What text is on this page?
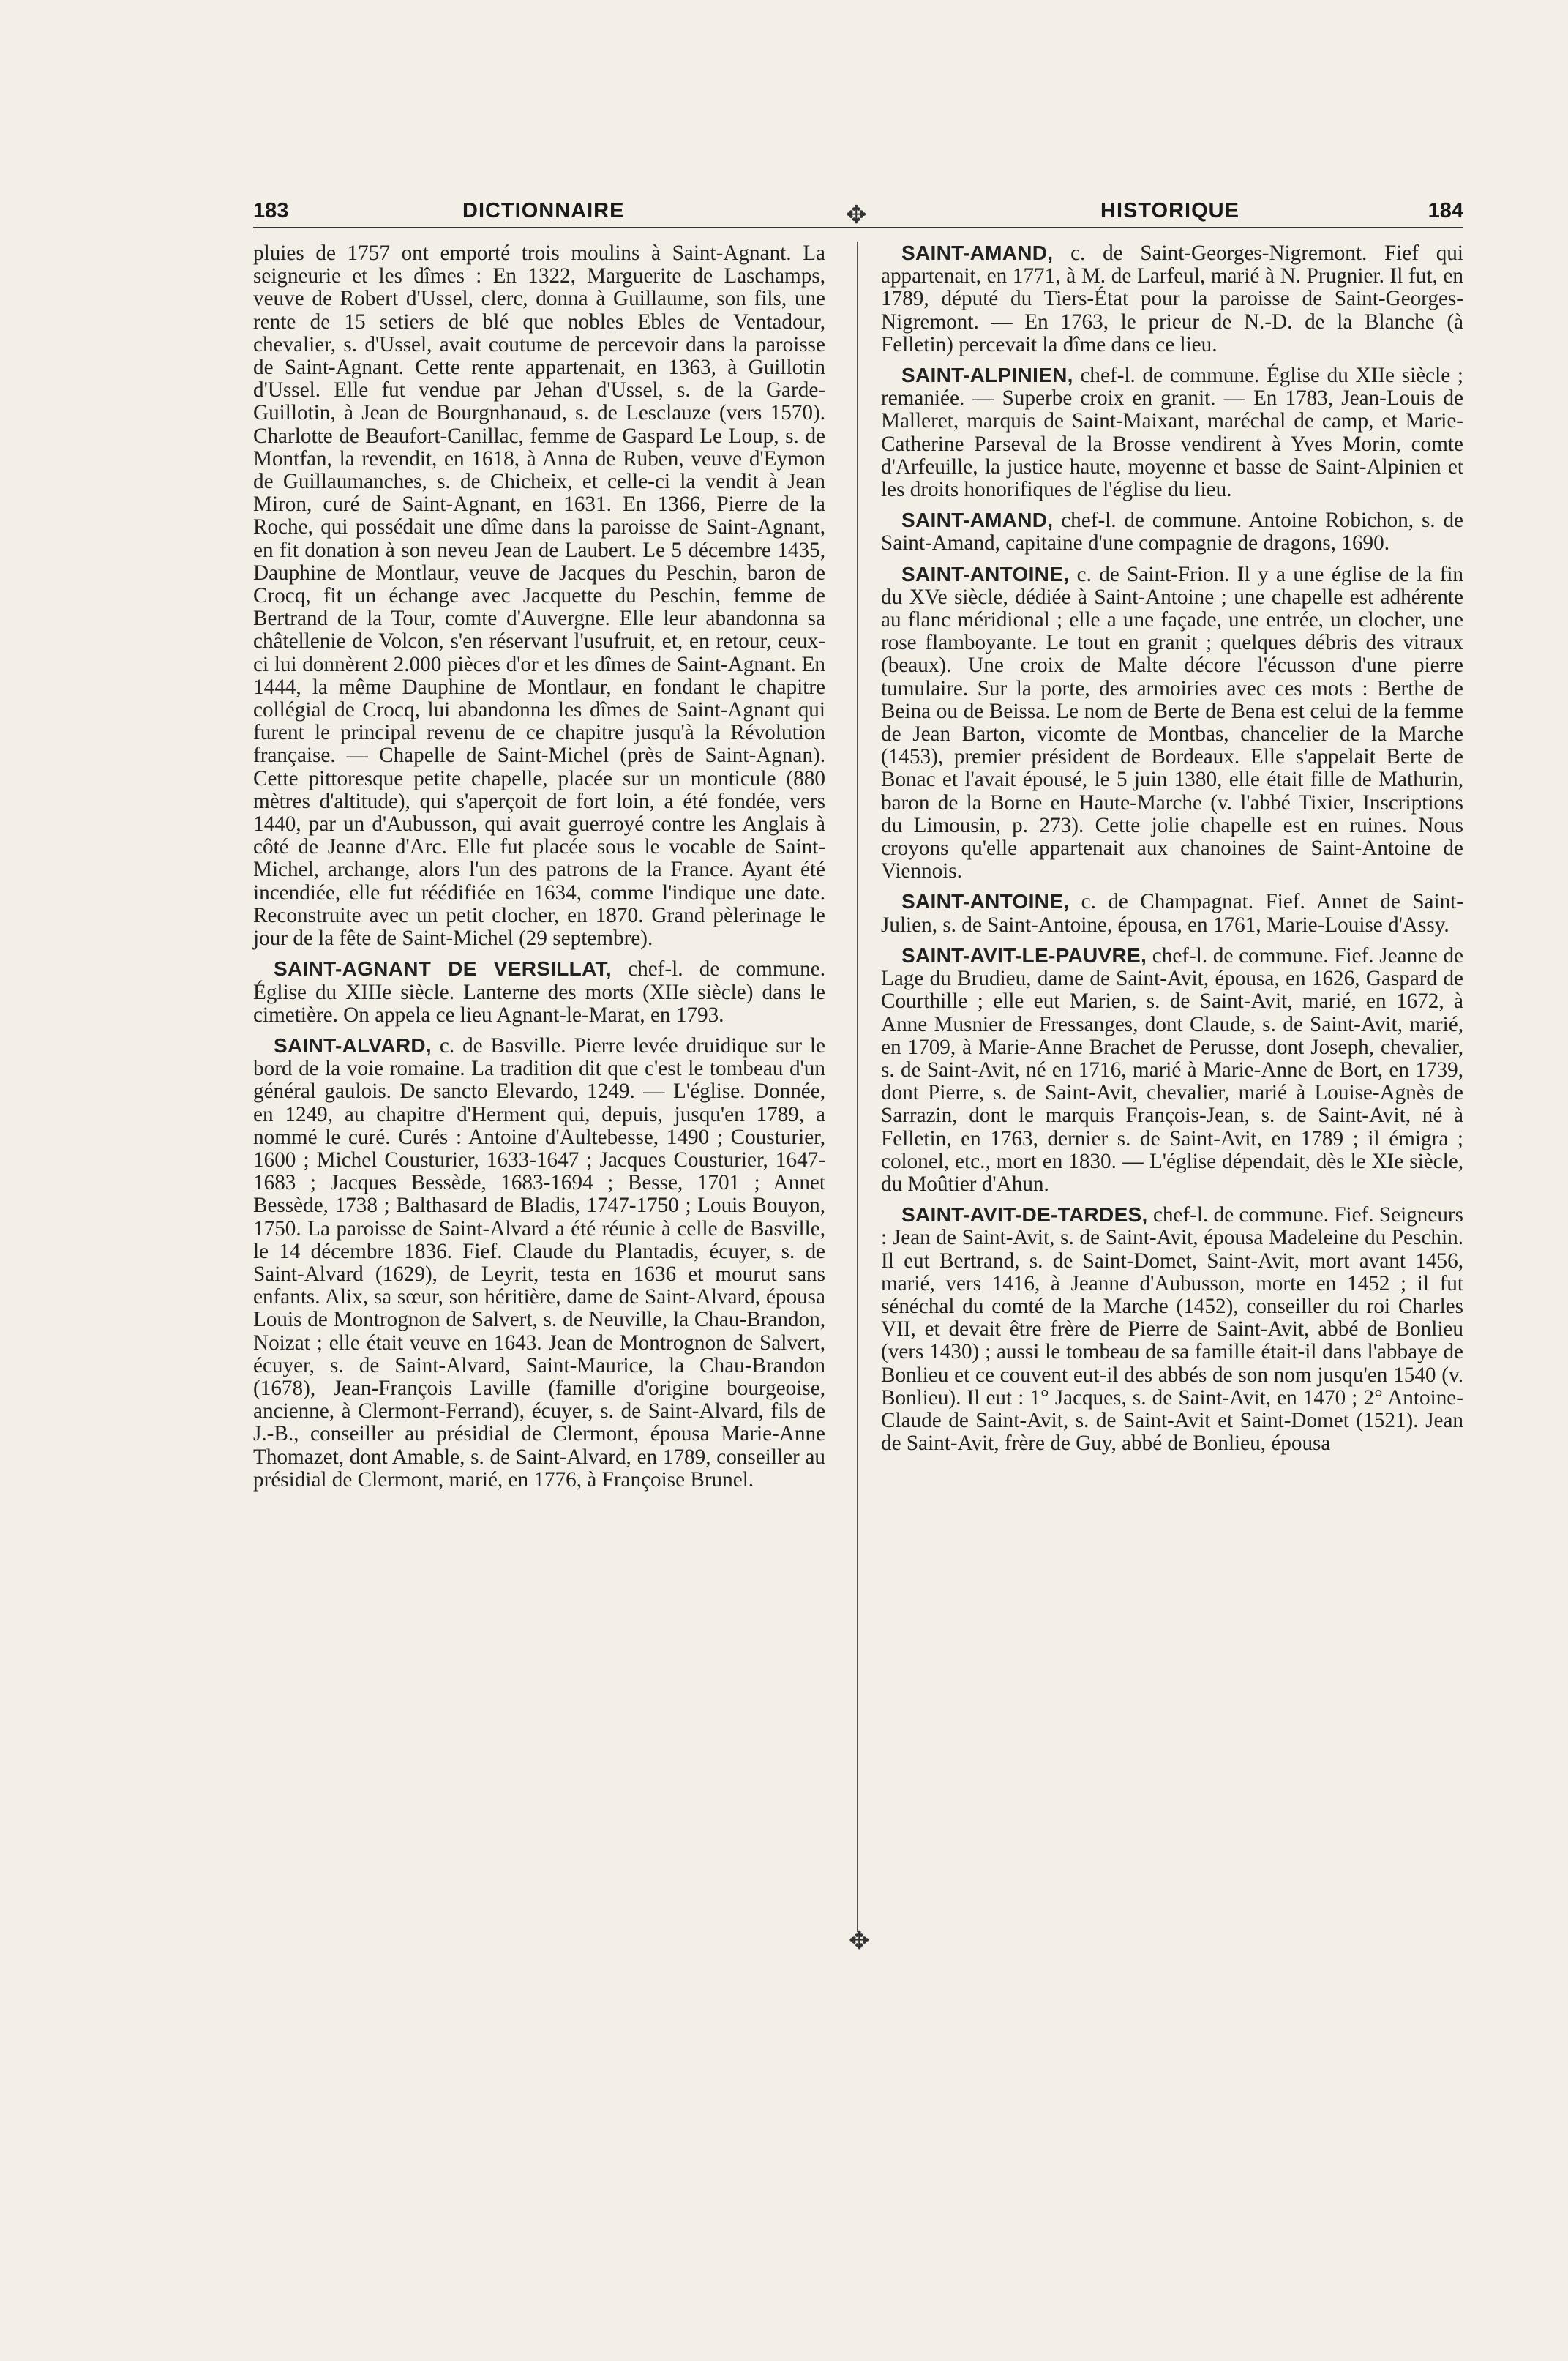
183	DICTIONNAIRE	HISTORIQUE	184
✥
✥

pluies de 1757 ont emporté trois moulins à Saint-Agnant. La seigneurie et les dîmes : En 1322, Marguerite de Laschamps, veuve de Robert d'Ussel, clerc, donna à Guillaume, son fils, une rente de 15 setiers de blé que nobles Ebles de Ventadour, chevalier, s. d'Ussel, avait coutume de percevoir dans la paroisse de Saint-Agnant. Cette rente appartenait, en 1363, à Guillotin d'Ussel. Elle fut vendue par Jehan d'Ussel, s. de la Garde-Guillotin, à Jean de Bourgnhanaud, s. de Lesclauze (vers 1570). Charlotte de Beaufort-Canillac, femme de Gaspard Le Loup, s. de Montfan, la revendit, en 1618, à Anna de Ruben, veuve d'Eymon de Guillaumanches, s. de Chicheix, et celle-ci la vendit à Jean Miron, curé de Saint-Agnant, en 1631. En 1366, Pierre de la Roche, qui possédait une dîme dans la paroisse de Saint-Agnant, en fit donation à son neveu Jean de Laubert. Le 5 décembre 1435, Dauphine de Montlaur, veuve de Jacques du Peschin, baron de Crocq, fit un échange avec Jacquette du Peschin, femme de Bertrand de la Tour, comte d'Auvergne. Elle leur abandonna sa châtellenie de Volcon, s'en réservant l'usufruit, et, en retour, ceux-ci lui donnèrent 2.000 pièces d'or et les dîmes de Saint-Agnant. En 1444, la même Dauphine de Montlaur, en fondant le chapitre collégial de Crocq, lui abandonna les dîmes de Saint-Agnant qui furent le principal revenu de ce chapitre jusqu'à la Révolution française. — Chapelle de Saint-Michel (près de Saint-Agnan). Cette pittoresque petite chapelle, placée sur un monticule (880 mètres d'altitude), qui s'aperçoit de fort loin, a été fondée, vers 1440, par un d'Aubusson, qui avait guerroyé contre les Anglais à côté de Jeanne d'Arc. Elle fut placée sous le vocable de Saint-Michel, archange, alors l'un des patrons de la France. Ayant été incendiée, elle fut réédifiée en 1634, comme l'indique une date. Reconstruite avec un petit clocher, en 1870. Grand pèlerinage le jour de la fête de Saint-Michel (29 septembre).

SAINT-AGNANT DE VERSILLAT, chef-l. de commune. Église du XIIIe siècle. Lanterne des morts (XIIe siècle) dans le cimetière. On appela ce lieu Agnant-le-Marat, en 1793.

SAINT-ALVARD, c. de Basville. Pierre levée druidique sur le bord de la voie romaine. La tradition dit que c'est le tombeau d'un général gaulois. De sancto Elevardo, 1249. — L'église. Donnée, en 1249, au chapitre d'Herment qui, depuis, jusqu'en 1789, a nommé le curé. Curés : Antoine d'Aultebesse, 1490 ; Cousturier, 1600 ; Michel Cousturier, 1633-1647 ; Jacques Cousturier, 1647-1683 ; Jacques Bessède, 1683-1694 ; Besse, 1701 ; Annet Bessède, 1738 ; Balthasard de Bladis, 1747-1750 ; Louis Bouyon, 1750. La paroisse de Saint-Alvard a été réunie à celle de Basville, le 14 décembre 1836. Fief. Claude du Plantadis, écuyer, s. de Saint-Alvard (1629), de Leyrit, testa en 1636 et mourut sans enfants. Alix, sa sœur, son héritière, dame de Saint-Alvard, épousa Louis de Montrognon de Salvert, s. de Neuville, la Chau-Brandon, Noizat ; elle était veuve en 1643. Jean de Montrognon de Salvert, écuyer, s. de Saint-Alvard, Saint-Maurice, la Chau-Brandon (1678), Jean-François Laville (famille d'origine bourgeoise, ancienne, à Clermont-Ferrand), écuyer, s. de Saint-Alvard, fils de J.-B., conseiller au présidial de Clermont, épousa Marie-Anne Thomazet, dont Amable, s. de Saint-Alvard, en 1789, conseiller au présidial de Clermont, marié, en 1776, à Françoise Brunel.

SAINT-AMAND, c. de Saint-Georges-Nigremont. Fief qui appartenait, en 1771, à M. de Larfeul, marié à N. Prugnier. Il fut, en 1789, député du Tiers-État pour la paroisse de Saint-Georges-Nigremont. — En 1763, le prieur de N.-D. de la Blanche (à Felletin) percevait la dîme dans ce lieu.

SAINT-ALPINIEN, chef-l. de commune. Église du XIIe siècle ; remaniée. — Superbe croix en granit. — En 1783, Jean-Louis de Malleret, marquis de Saint-Maixant, maréchal de camp, et Marie-Catherine Parseval de la Brosse vendirent à Yves Morin, comte d'Arfeuille, la justice haute, moyenne et basse de Saint-Alpinien et les droits honorifiques de l'église du lieu.

SAINT-AMAND, chef-l. de commune. Antoine Robichon, s. de Saint-Amand, capitaine d'une compagnie de dragons, 1690.

SAINT-ANTOINE, c. de Saint-Frion. Il y a une église de la fin du XVe siècle, dédiée à Saint-Antoine ; une chapelle est adhérente au flanc méridional ; elle a une façade, une entrée, un clocher, une rose flamboyante. Le tout en granit ; quelques débris des vitraux (beaux). Une croix de Malte décore l'écusson d'une pierre tumulaire. Sur la porte, des armoiries avec ces mots : Berthe de Beina ou de Beissa. Le nom de Berte de Bena est celui de la femme de Jean Barton, vicomte de Montbas, chancelier de la Marche (1453), premier président de Bordeaux. Elle s'appelait Berte de Bonac et l'avait épousé, le 5 juin 1380, elle était fille de Mathurin, baron de la Borne en Haute-Marche (v. l'abbé Tixier, Inscriptions du Limousin, p. 273). Cette jolie chapelle est en ruines. Nous croyons qu'elle appartenait aux chanoines de Saint-Antoine de Viennois.

SAINT-ANTOINE, c. de Champagnat. Fief. Annet de Saint-Julien, s. de Saint-Antoine, épousa, en 1761, Marie-Louise d'Assy.

SAINT-AVIT-LE-PAUVRE, chef-l. de commune. Fief. Jeanne de Lage du Brudieu, dame de Saint-Avit, épousa, en 1626, Gaspard de Courthille ; elle eut Marien, s. de Saint-Avit, marié, en 1672, à Anne Musnier de Fressanges, dont Claude, s. de Saint-Avit, marié, en 1709, à Marie-Anne Brachet de Perusse, dont Joseph, chevalier, s. de Saint-Avit, né en 1716, marié à Marie-Anne de Bort, en 1739, dont Pierre, s. de Saint-Avit, chevalier, marié à Louise-Agnès de Sarrazin, dont le marquis François-Jean, s. de Saint-Avit, né à Felletin, en 1763, dernier s. de Saint-Avit, en 1789 ; il émigra ; colonel, etc., mort en 1830. — L'église dépendait, dès le XIe siècle, du Moûtier d'Ahun.

SAINT-AVIT-DE-TARDES, chef-l. de commune. Fief. Seigneurs : Jean de Saint-Avit, s. de Saint-Avit, épousa Madeleine du Peschin. Il eut Bertrand, s. de Saint-Domet, Saint-Avit, mort avant 1456, marié, vers 1416, à Jeanne d'Aubusson, morte en 1452 ; il fut sénéchal du comté de la Marche (1452), conseiller du roi Charles VII, et devait être frère de Pierre de Saint-Avit, abbé de Bonlieu (vers 1430) ; aussi le tombeau de sa famille était-il dans l'abbaye de Bonlieu et ce couvent eut-il des abbés de son nom jusqu'en 1540 (v. Bonlieu). Il eut : 1° Jacques, s. de Saint-Avit, en 1470 ; 2° Antoine-Claude de Saint-Avit, s. de Saint-Avit et Saint-Domet (1521). Jean de Saint-Avit, frère de Guy, abbé de Bonlieu, épousa
